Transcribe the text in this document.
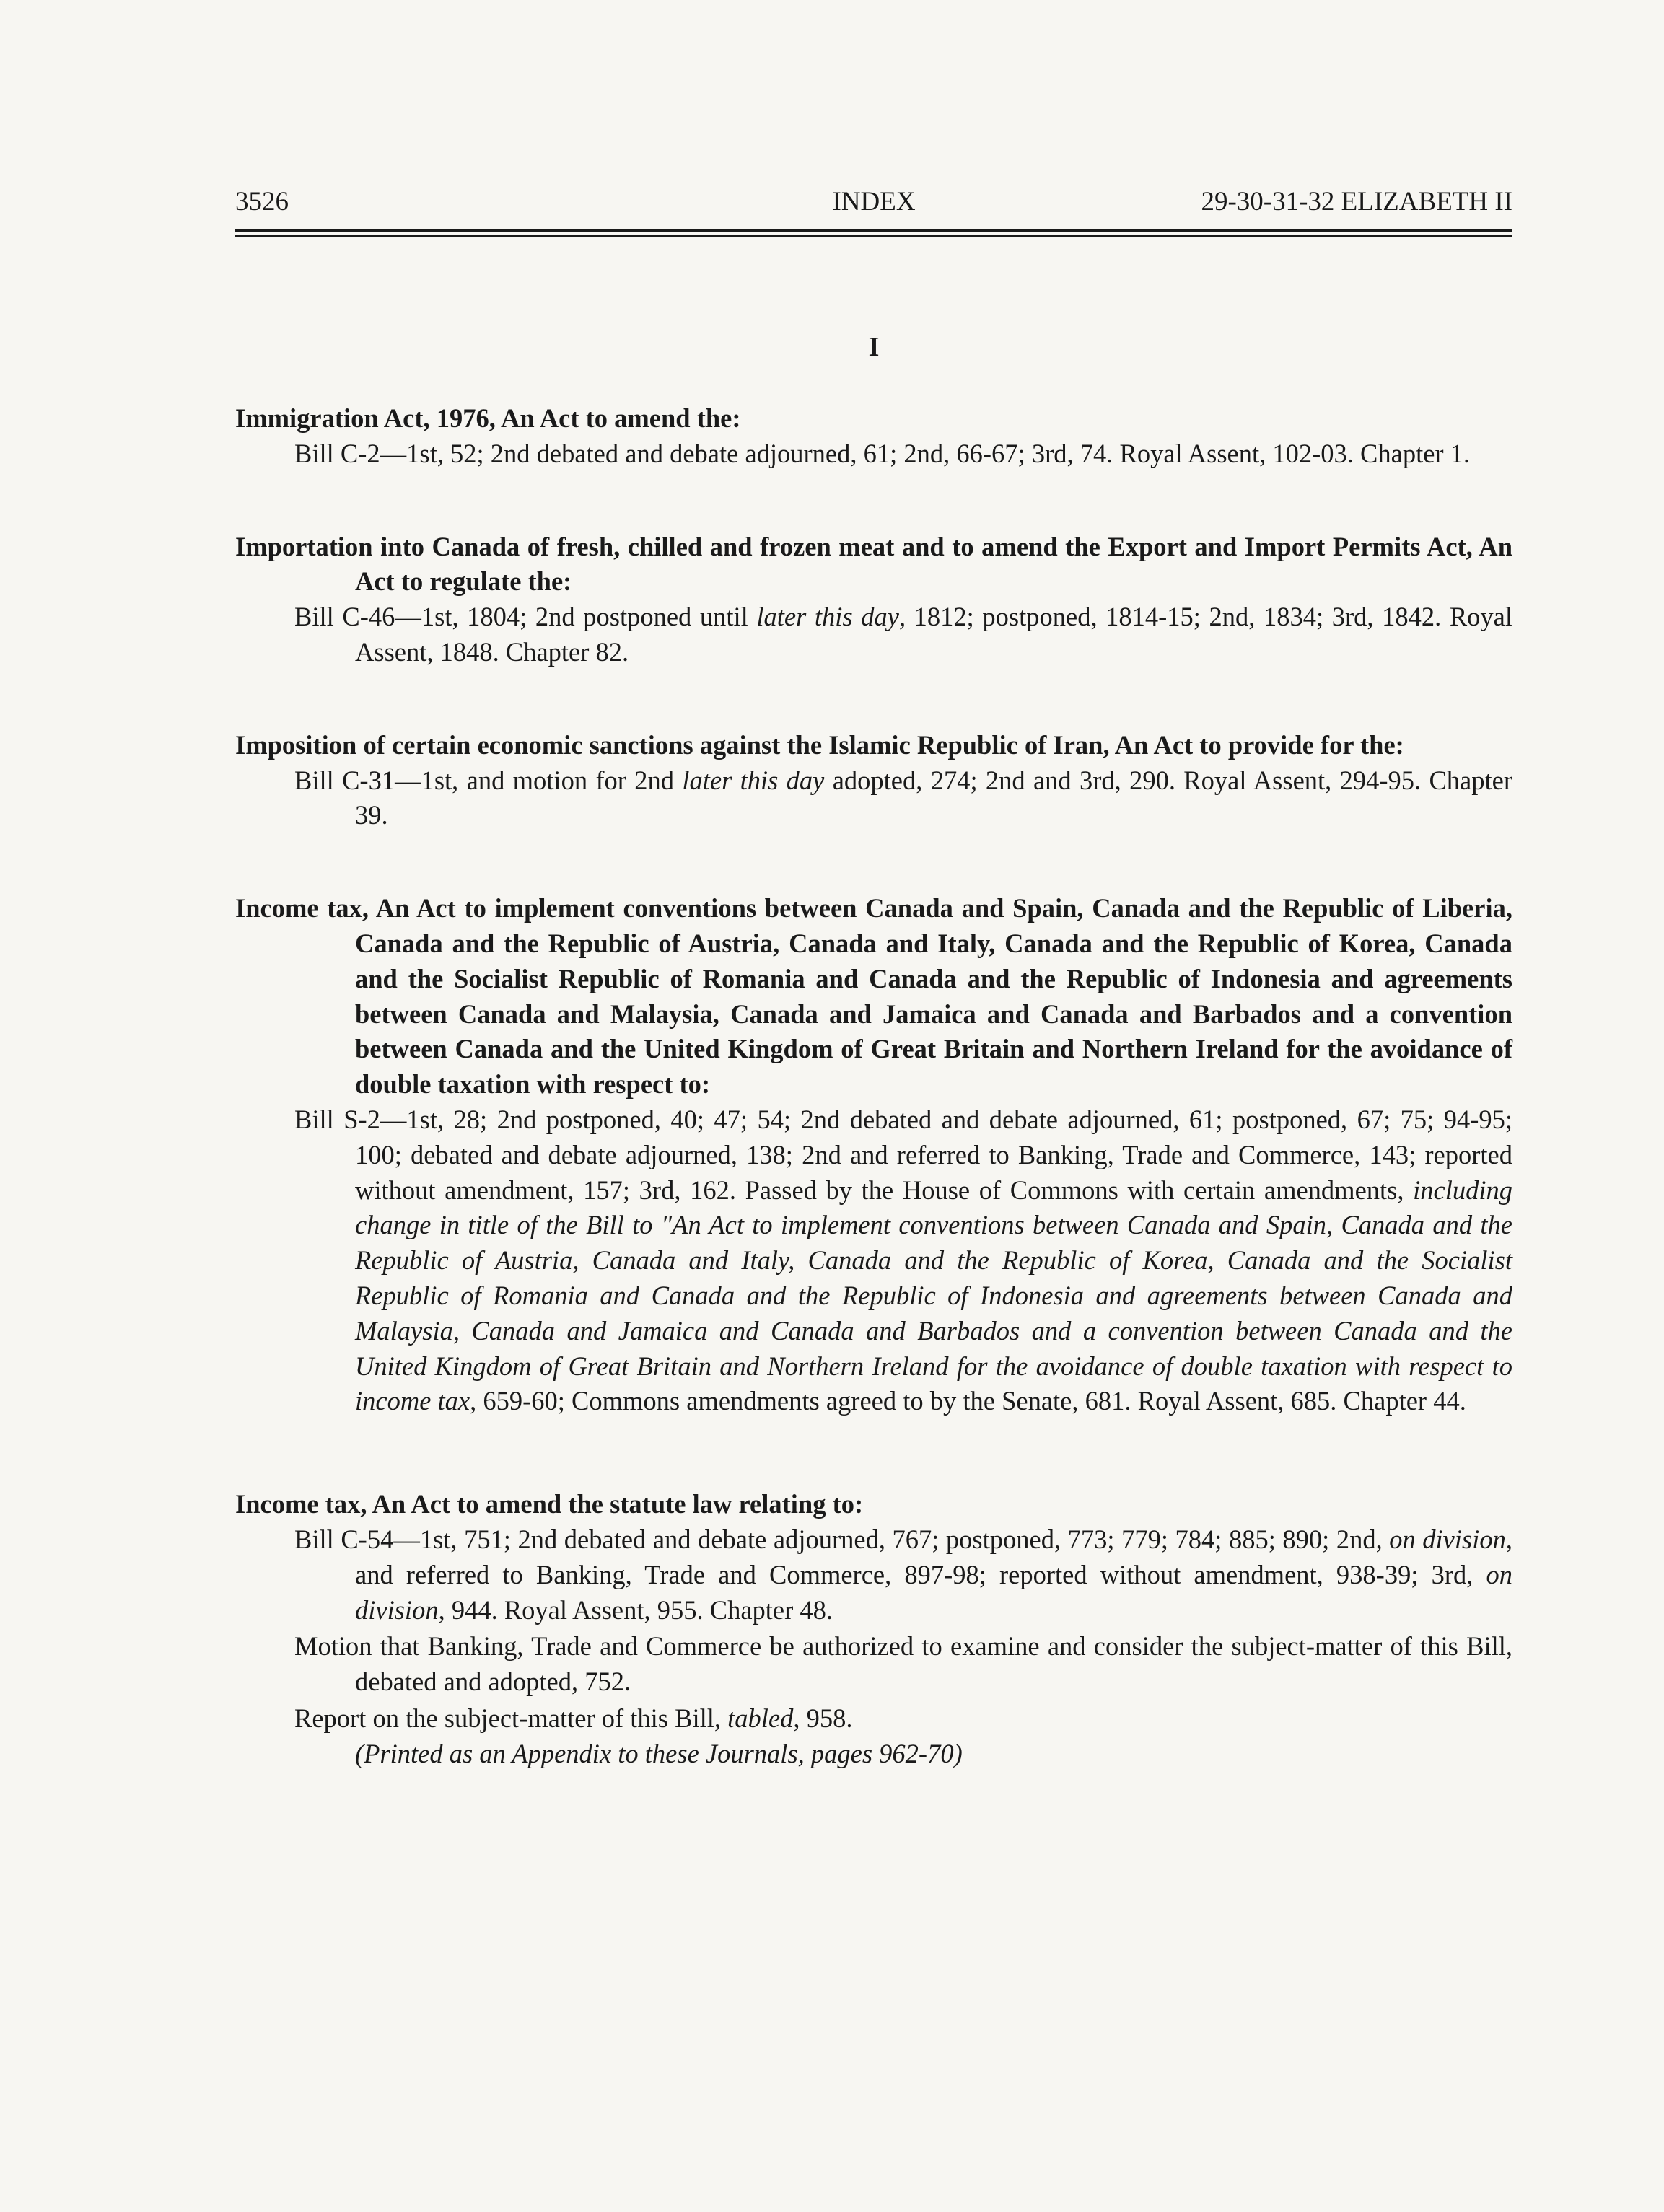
3526	INDEX	29-30-31-32 ELIZABETH II
I
Immigration Act, 1976, An Act to amend the:
Bill C-2—1st, 52; 2nd debated and debate adjourned, 61; 2nd, 66-67; 3rd, 74. Royal Assent, 102-03. Chapter 1.
Importation into Canada of fresh, chilled and frozen meat and to amend the Export and Import Permits Act, An Act to regulate the:
Bill C-46—1st, 1804; 2nd postponed until later this day, 1812; postponed, 1814-15; 2nd, 1834; 3rd, 1842. Royal Assent, 1848. Chapter 82.
Imposition of certain economic sanctions against the Islamic Republic of Iran, An Act to provide for the:
Bill C-31—1st, and motion for 2nd later this day adopted, 274; 2nd and 3rd, 290. Royal Assent, 294-95. Chapter 39.
Income tax, An Act to implement conventions between Canada and Spain, Canada and the Republic of Liberia, Canada and the Republic of Austria, Canada and Italy, Canada and the Republic of Korea, Canada and the Socialist Republic of Romania and Canada and the Republic of Indonesia and agreements between Canada and Malaysia, Canada and Jamaica and Canada and Barbados and a convention between Canada and the United Kingdom of Great Britain and Northern Ireland for the avoidance of double taxation with respect to:
Bill S-2—1st, 28; 2nd postponed, 40; 47; 54; 2nd debated and debate adjourned, 61; postponed, 67; 75; 94-95; 100; debated and debate adjourned, 138; 2nd and referred to Banking, Trade and Commerce, 143; reported without amendment, 157; 3rd, 162. Passed by the House of Commons with certain amendments, including change in title of the Bill to "An Act to implement conventions between Canada and Spain, Canada and the Republic of Austria, Canada and Italy, Canada and the Republic of Korea, Canada and the Socialist Republic of Romania and Canada and the Republic of Indonesia and agreements between Canada and Malaysia, Canada and Jamaica and Canada and Barbados and a convention between Canada and the United Kingdom of Great Britain and Northern Ireland for the avoidance of double taxation with respect to income tax, 659-60; Commons amendments agreed to by the Senate, 681. Royal Assent, 685. Chapter 44.
Income tax, An Act to amend the statute law relating to:
Bill C-54—1st, 751; 2nd debated and debate adjourned, 767; postponed, 773; 779; 784; 885; 890; 2nd, on division, and referred to Banking, Trade and Commerce, 897-98; reported without amendment, 938-39; 3rd, on division, 944. Royal Assent, 955. Chapter 48.
Motion that Banking, Trade and Commerce be authorized to examine and consider the subject-matter of this Bill, debated and adopted, 752.
Report on the subject-matter of this Bill, tabled, 958.
(Printed as an Appendix to these Journals, pages 962-70)
